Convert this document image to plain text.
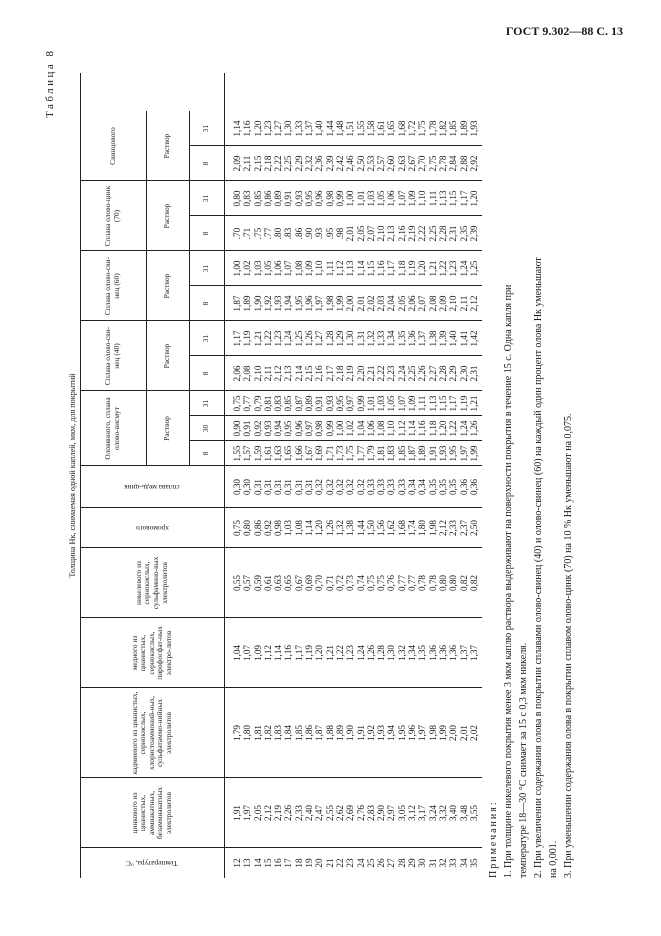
ГОСТ 9.302—88 С. 13
Таблица 8
Толщина Hк, снимаемая одной каплей, мкм, для покрытий
Температура, °С
цинкового из цианистых, аммиакатных, безаммиакатных электролитов
кадмиевого из цианистых, сернокислых, хлористоаммоний-ных, сульфатаммо-нийных электролитов
медного из цианистых, сернокислых, пирофосфат-ных электро-литов
никелевого из сернокислых, сульфамино-вых электролитов
хромового
сплава медь-цинк
Оловянного, сплава олово-висмут
Сплава олово-сви-нец (40)
Сплава олово-сви-нец (60)
Сплава олово-цинк (70)
Свинцового
Раствор
Раствор
Раствор
Раствор
Раствор
8
30
31
8
8
8
8
31
31
31
31
12 13 14 15 16 17 18 19 20 21 22 23 24 25 26 27 28 29 30 31 32 33 34 35
1,91 1,97 2,05 2,12 2,19 2,26 2,33 2,40 2,47 2,55 2,62 2,69 2,76 2,83 2,90 2,97 3,05 3,12 3,17 3,24 3,32 3,40 3,48 3,55
1,79 1,80 1,81 1,82 1,83 1,84 1,85 1,86 1,87 1,88 1,89 1,90 1,91 1,92 1,93 1,94 1,95 1,96 1,97 1,98 1,99 2,00 2,01 2,02
1,04 1,07 1,09 1,12 1,14 1,16 1,17 1,19 1,20 1,21 1,22 1,23 1,24 1,26 1,28 1,30 1,32 1,34 1,35 1,36 1,36 1,36 1,37 1,37
0,55 0,57 0,59 0,61 0,63 0,65 0,67 0,69 0,70 0,71 0,72 0,73 0,74 0,75 0,75 0,76 0,77 0,77 0,78 0,78 0,80 0,80 0,82 0,82
0,75 0,80 0,86 0,92 0,98 1,03 1,08 1,14 1,20 1,26 1,32 1,38 1,44 1,50 1,56 1,62 1,68 1,74 1,80 1,98 2,12 2,33 2,37 2,50
0,30 0,30 0,31 0,31 0,31 0,31 0,31 0,31 0,32 0,32 0,32 0,32 0,32 0,33 0,33 0,33 0,33 0,34 0,34 0,35 0,35 0,35 0,36 0,36
1,55 1,57 1,59 1,61 1,63 1,65 1,66 1,67 1,69 1,71 1,73 1,75 1,77 1,79 1,81 1,83 1,85 1,87 1,89 1,91 1,93 1,95 1,97 1,99
0,90 0,91 0,92 0,93 0,94 0,95 0,96 0,97 0,98 0,99 1,00 1,02 1,04 1,06 1,08 1,10 1,12 1,14 1,16 1,18 1,20 1,22 1,24 1,26
0,75 0,77 0,79 0,81 0,83 0,85 0,87 0,89 0,91 0,93 0,95 0,97 0,99 1,01 1,03 1,05 1,07 1,09 1,11 1,13 1,15 1,17 1,19 1,21
2,06 2,08 2,10 2,11 2,12 2,13 2,14 2,15 2,16 2,17 2,18 2,19 2,20 2,21 2,22 2,23 2,24 2,25 2,26 2,27 2,28 2,29 2,30 2,31
1,17 1,19 1,21 1,22 1,23 1,24 1,25 1,26 1,27 1,28 1,29 1,30 1,31 1,32 1,33 1,34 1,35 1,36 1,37 1,38 1,39 1,40 1,41 1,42
1,87 1,89 1,90 1,92 1,93 1,94 1,95 1,96 1,97 1,98 1,99 2,00 2,01 2,02 2,03 2,04 2,05 2,06 2,07 2,08 2,09 2,10 2,11 2,12
1,00 1,02 1,03 1,05 1,06 1,07 1,08 1,09 1,10 1,11 1,12 1,13 1,14 1,15 1,16 1,17 1,18 1,19 1,20 1,21 1,22 1,23 1,24 1,25
.70 .71 .75 .77 .80 .83 .86 .90 .93 .95 .98 2,01 2,05 2,07 2,10 2,13 2,16 2,19 2,22 2,25 2,28 2,31 2,35 2,39
0,80 0,83 0,85 0,86 0,89 0,91 0,93 0,95 0,96 0,98 0,99 1,00 1,01 1,03 1,05 1,06 1,07 1,09 1,10 1,11 1,13 1,15 1,17 1,20
2,09 2,11 2,15 2,18 2,22 2,25 2,29 2,32 2,36 2,39 2,42 2,46 2,50 2,53 2,57 2,60 2,63 2,67 2,70 2,75 2,78 2,84 2,88 2,92
1,14 1,16 1,20 1,23 1,27 1,30 1,33 1,37 1,40 1,44 1,48 1,51 1,55 1,58 1,61 1,65 1,68 1,72 1,75 1,78 1,82 1,85 1,89 1,93
Примечания: 1. При толщине никелевого покрытия менее 3 мкм каплю раствора выдерживают на поверхности покрытия в течение 15 с. Одна капля при температуре 18—30 °С снимает за 15 с 0,3 мкм никеля. 2. При увеличении содержания олова в покрытии сплавами олово-свинец (40) и олово-свинец (60) на каждый один процент олова Hк уменьшают на 0,001. 3. При уменьшении содержания олова в покрытии сплавом олово-цинк (70) на 10 % Hк уменьшают на 0,075.
